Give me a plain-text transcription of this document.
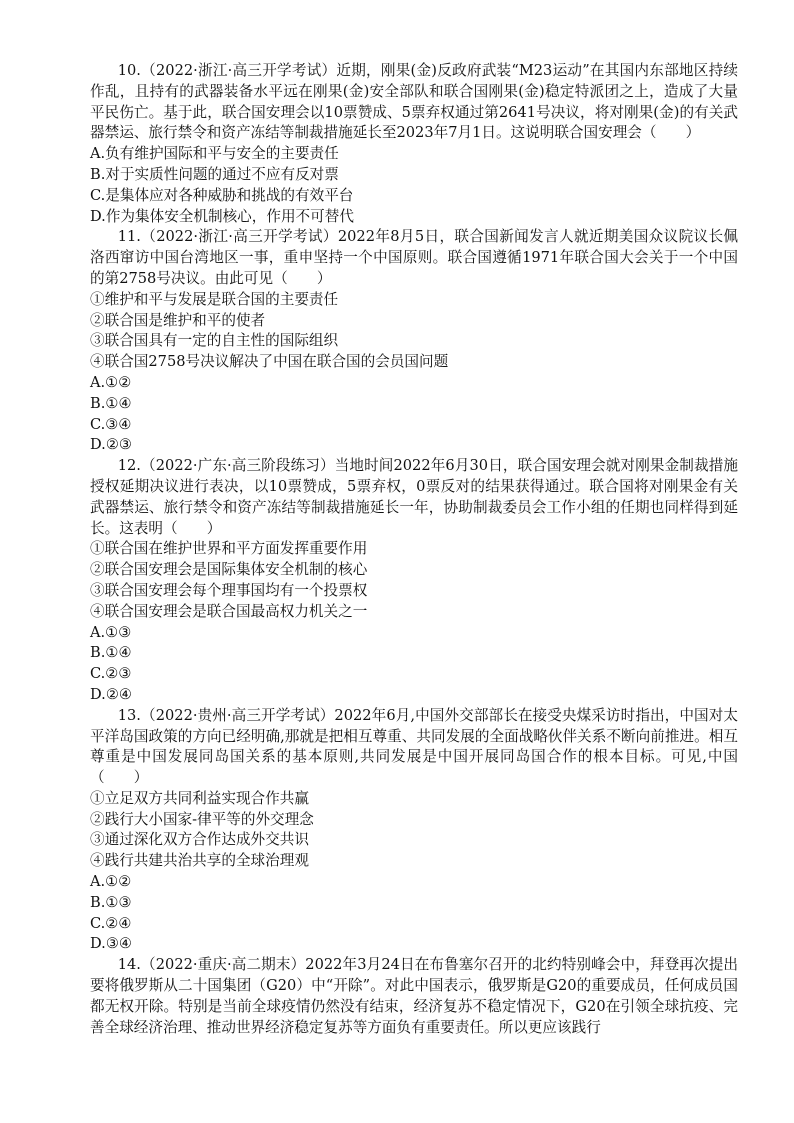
10.（2022·浙江·高三开学考试）近期，刚果(金)反政府武装“M23运动”在其国内东部地区持续作乱，且持有的武器装备水平远在刚果(金)安全部队和联合国刚果(金)稳定特派团之上，造成了大量平民伤亡。基于此，联合国安理会以10票赞成、5票弃权通过第2641号决议，将对刚果(金)的有关武器禁运、旅行禁令和资产冻结等制裁措施延长至2023年7月1日。这说明联合国安理会（　　）

A.负有维护国际和平与安全的主要责任

B.对于实质性问题的通过不应有反对票

C.是集体应对各种威胁和挑战的有效平台

D.作为集体安全机制核心，作用不可替代

11.（2022·浙江·高三开学考试）2022年8月5日，联合国新闻发言人就近期美国众议院议长佩洛西窜访中国台湾地区一事，重申坚持一个中国原则。联合国遵循1971年联合国大会关于一个中国的第2758号决议。由此可见（　　）

①维护和平与发展是联合国的主要责任

②联合国是维护和平的使者

③联合国具有一定的自主性的国际组织

④联合国2758号决议解决了中国在联合国的会员国问题

A.①②

B.①④

C.③④

D.②③

12.（2022·广东·高三阶段练习）当地时间2022年6月30日，联合国安理会就对刚果金制裁措施授权延期决议进行表决，以10票赞成，5票弃权，0票反对的结果获得通过。联合国将对刚果金有关武器禁运、旅行禁令和资产冻结等制裁措施延长一年，协助制裁委员会工作小组的任期也同样得到延长。这表明（　　）

①联合国在维护世界和平方面发挥重要作用

②联合国安理会是国际集体安全机制的核心

③联合国安理会每个理事国均有一个投票权

④联合国安理会是联合国最高权力机关之一

A.①③

B.①④

C.②③

D.②④

13.（2022·贵州·高三开学考试）2022年6月,中国外交部部长在接受央煤采访时指出，中国对太平洋岛国政策的方向已经明确,那就是把相互尊重、共同发展的全面战略伙伴关系不断向前推进。相互尊重是中国发展同岛国关系的基本原则,共同发展是中国开展同岛国合作的根本目标。可见,中国（　　）

①立足双方共同利益实现合作共赢

②践行大小国家-律平等的外交理念

③通过深化双方合作达成外交共识

④践行共建共治共享的全球治理观

A.①②

B.①③

C.②④

D.③④

14.（2022·重庆·高二期末）2022年3月24日在布鲁塞尔召开的北约特别峰会中，拜登再次提出要将俄罗斯从二十国集团（G20）中“开除”。对此中国表示，俄罗斯是G20的重要成员，任何成员国都无权开除。特别是当前全球疫情仍然没有结束，经济复苏不稳定情况下，G20在引领全球抗疫、完善全球经济治理、推动世界经济稳定复苏等方面负有重要责任。所以更应该践行
